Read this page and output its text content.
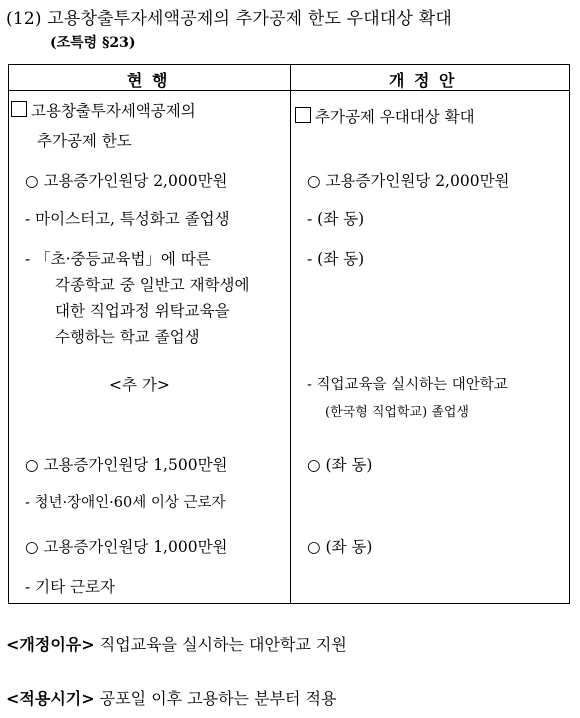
(12) 고용창출투자세액공제의 추가공제 한도 우대대상 확대
(조특령 §23)
현 행	개 정 안
고용창출투자세액공제의
추가공제 한도
○ 고용증가인원당 2,000만원
- 마이스터고, 특성화고 졸업생
- 「초·중등교육법」에 따른
각종학교 중 일반고 재학생에
대한 직업과정 위탁교육을
수행하는 학교 졸업생
<추 가>
○ 고용증가인원당 1,500만원
- 청년·장애인·60세 이상 근로자
○ 고용증가인원당 1,000만원
- 기타 근로자
추가공제 우대대상 확대
○ 고용증가인원당 2,000만원
- (좌 동)
- (좌 동)
- 직업교육을 실시하는 대안학교
(한국형 직업학교) 졸업생
○ (좌 동)
○ (좌 동)
<개정이유> 직업교육을 실시하는 대안학교 지원
<적용시기> 공포일 이후 고용하는 분부터 적용
